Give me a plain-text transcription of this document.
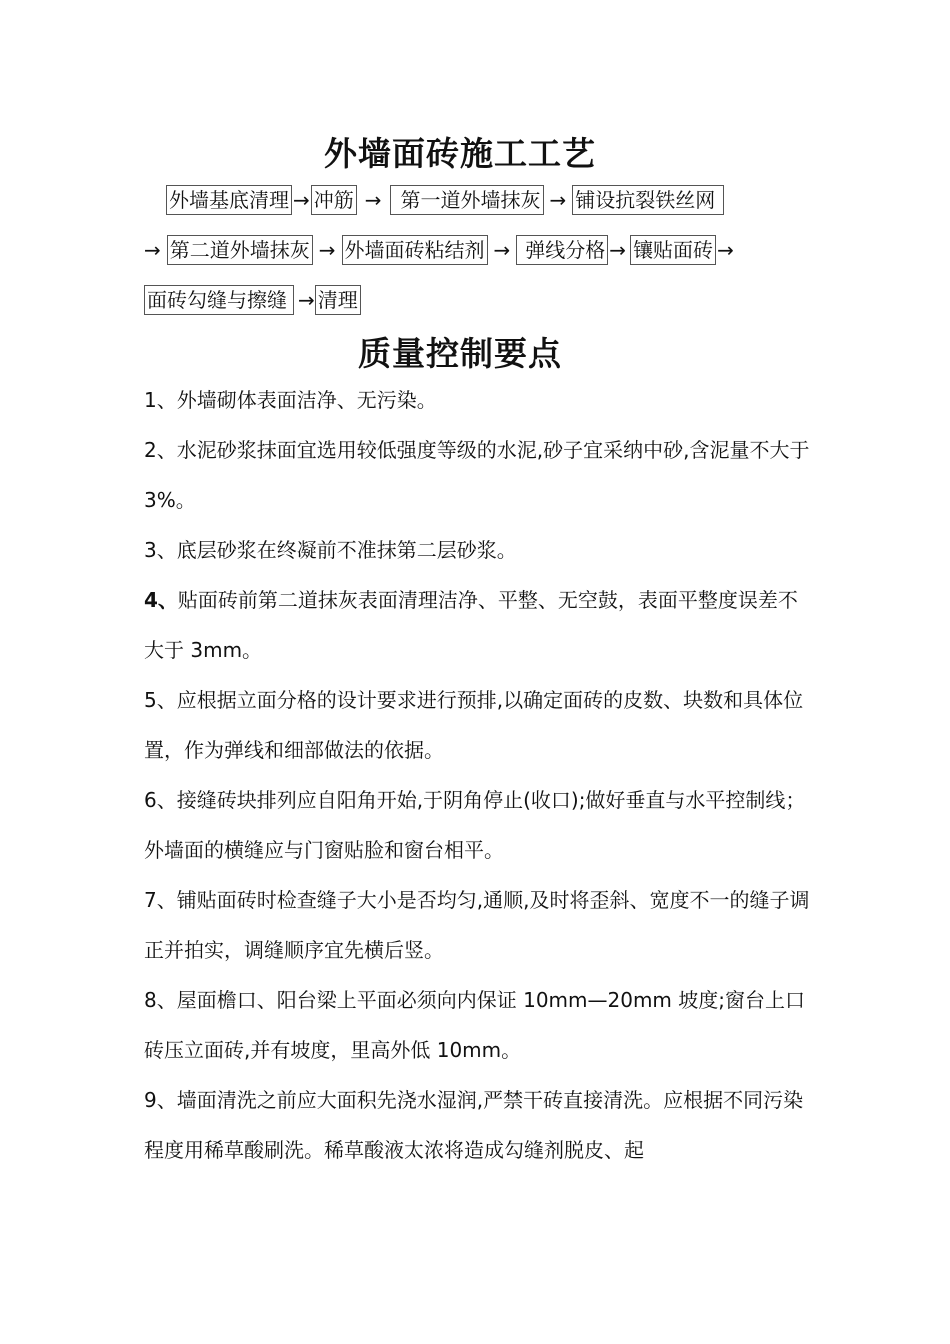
外墙面砖施工工艺
外墙基底清理 → 冲筋 → 第一道外墙抹灰 → 铺设抗裂铁丝网
→ 第二道外墙抹灰 → 外墙面砖粘结剂 → 弹线分格 → 镶贴面砖 →
面砖勾缝与擦缝 → 清理
质量控制要点

1、外墙砌体表面洁净、无污染。

2、水泥砂浆抹面宜选用较低强度等级的水泥,砂子宜采纳中砂,含泥量不大于 3%。

3、底层砂浆在终凝前不准抹第二层砂浆。

4、贴面砖前第二道抹灰表面清理洁净、平整、无空鼓，表面平整度误差不大于 3mm。

5、应根据立面分格的设计要求进行预排,以确定面砖的皮数、块数和具体位置，作为弹线和细部做法的依据。

6、接缝砖块排列应自阳角开始,于阴角停止(收口);做好垂直与水平控制线；外墙面的横缝应与门窗贴脸和窗台相平。

7、铺贴面砖时检查缝子大小是否均匀,通顺,及时将歪斜、宽度不一的缝子调正并拍实，调缝顺序宜先横后竖。

8、屋面檐口、阳台梁上平面必须向内保证 10mm—20mm 坡度;窗台上口砖压立面砖,并有坡度，里高外低 10mm。

9、墙面清洗之前应大面积先浇水湿润,严禁干砖直接清洗。应根据不同污染程度用稀草酸刷洗。稀草酸液太浓将造成勾缝剂脱皮、起
